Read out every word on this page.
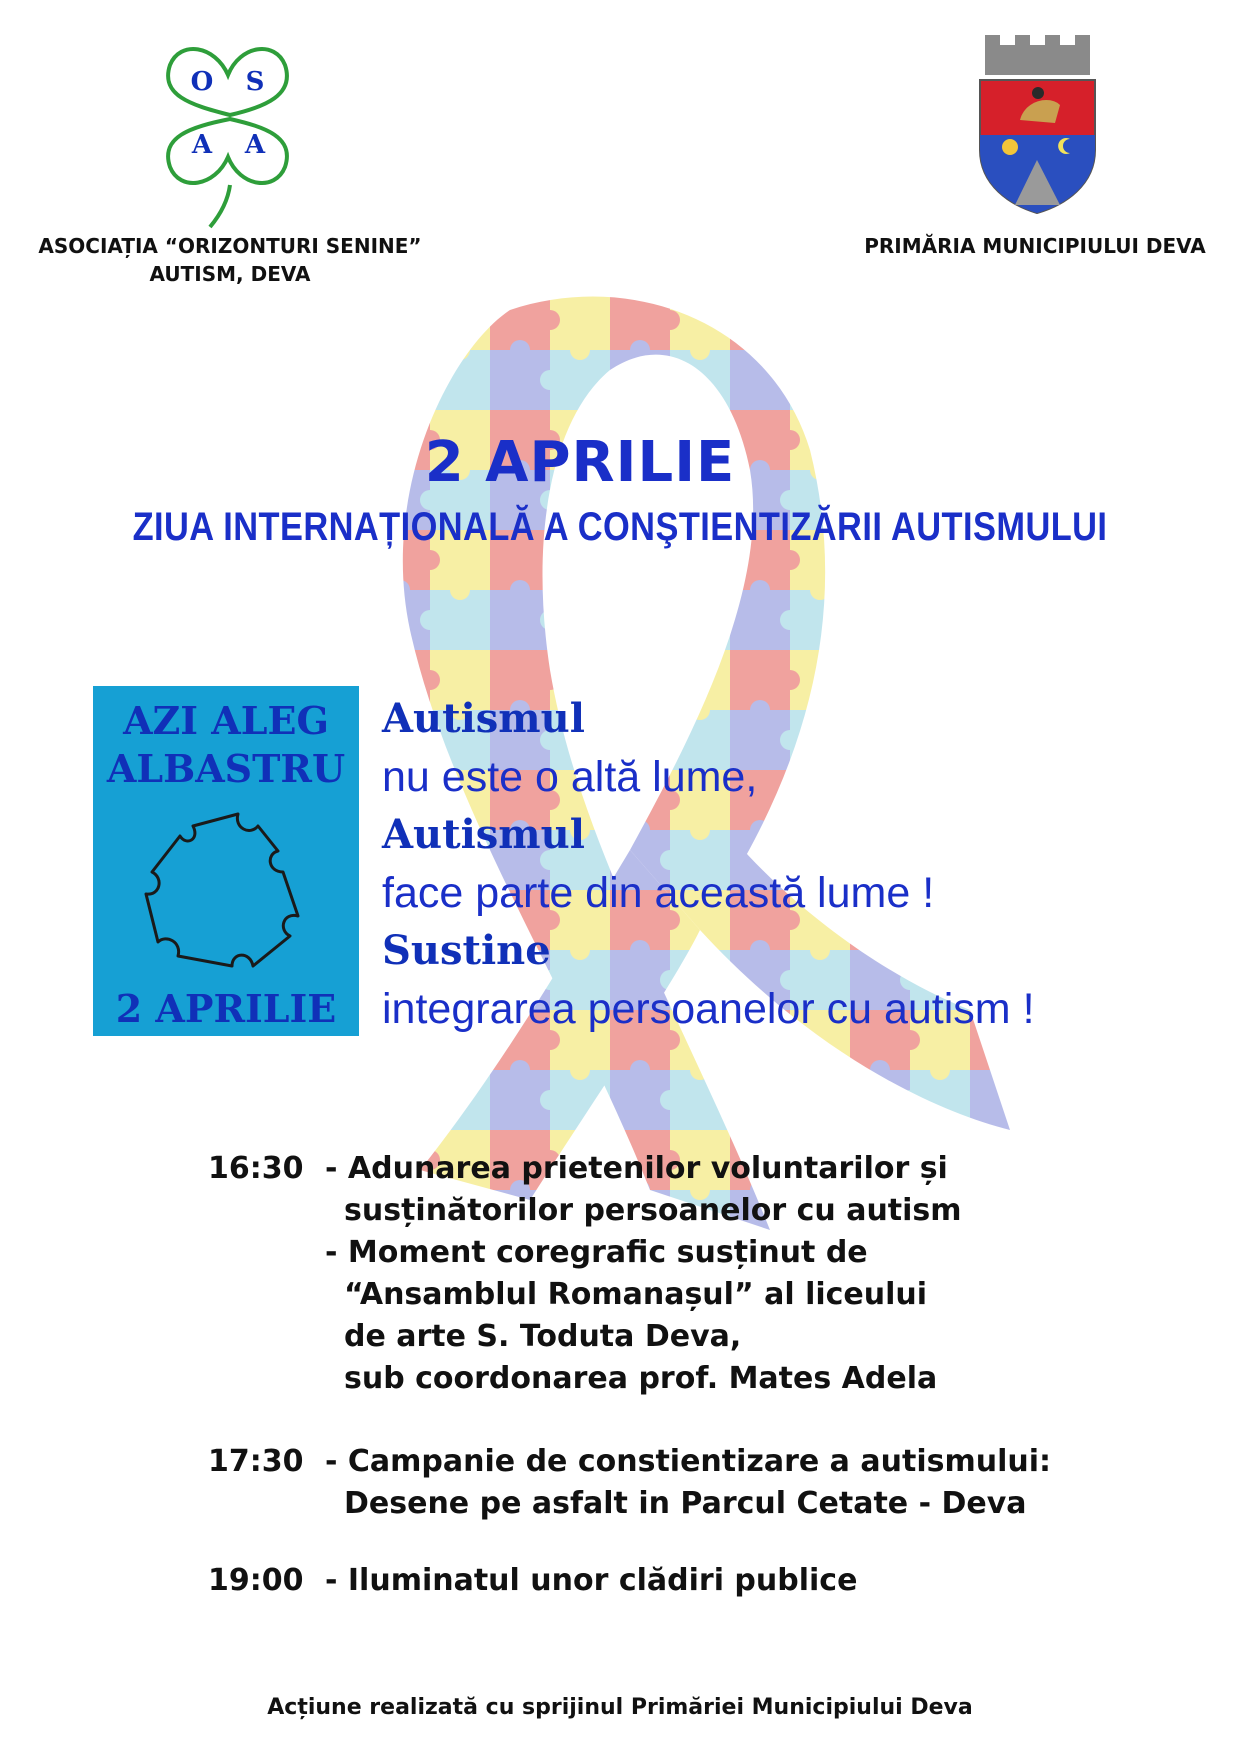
O S
A A
ASOCIAȚIA “ORIZONTURI SENINE”
AUTISM, DEVA
PRIMĂRIA MUNICIPIULUI DEVA
2 APRILIE
ZIUA INTERNAȚIONALĂ A CONŞTIENTIZĂRII AUTISMULUI
AZI ALEG
ALBASTRU
2 APRILIE
Autismul
nu este o altă lume,
Autismul
face parte din această lume !
Sustine
integrarea persoanelor cu autism !
16:30 - Adunarea prietenilor voluntarilor și
susținătorilor persoanelor cu autism
- Moment coregrafic susținut de
“Ansamblul Romanașul” al liceului
de arte S. Toduta Deva,
sub coordonarea prof. Mates Adela
17:30 - Campanie de constientizare a autismului:
Desene pe asfalt in Parcul Cetate - Deva
19:00 - Iluminatul unor clădiri publice
Acțiune realizată cu sprijinul Primăriei Municipiului Deva
